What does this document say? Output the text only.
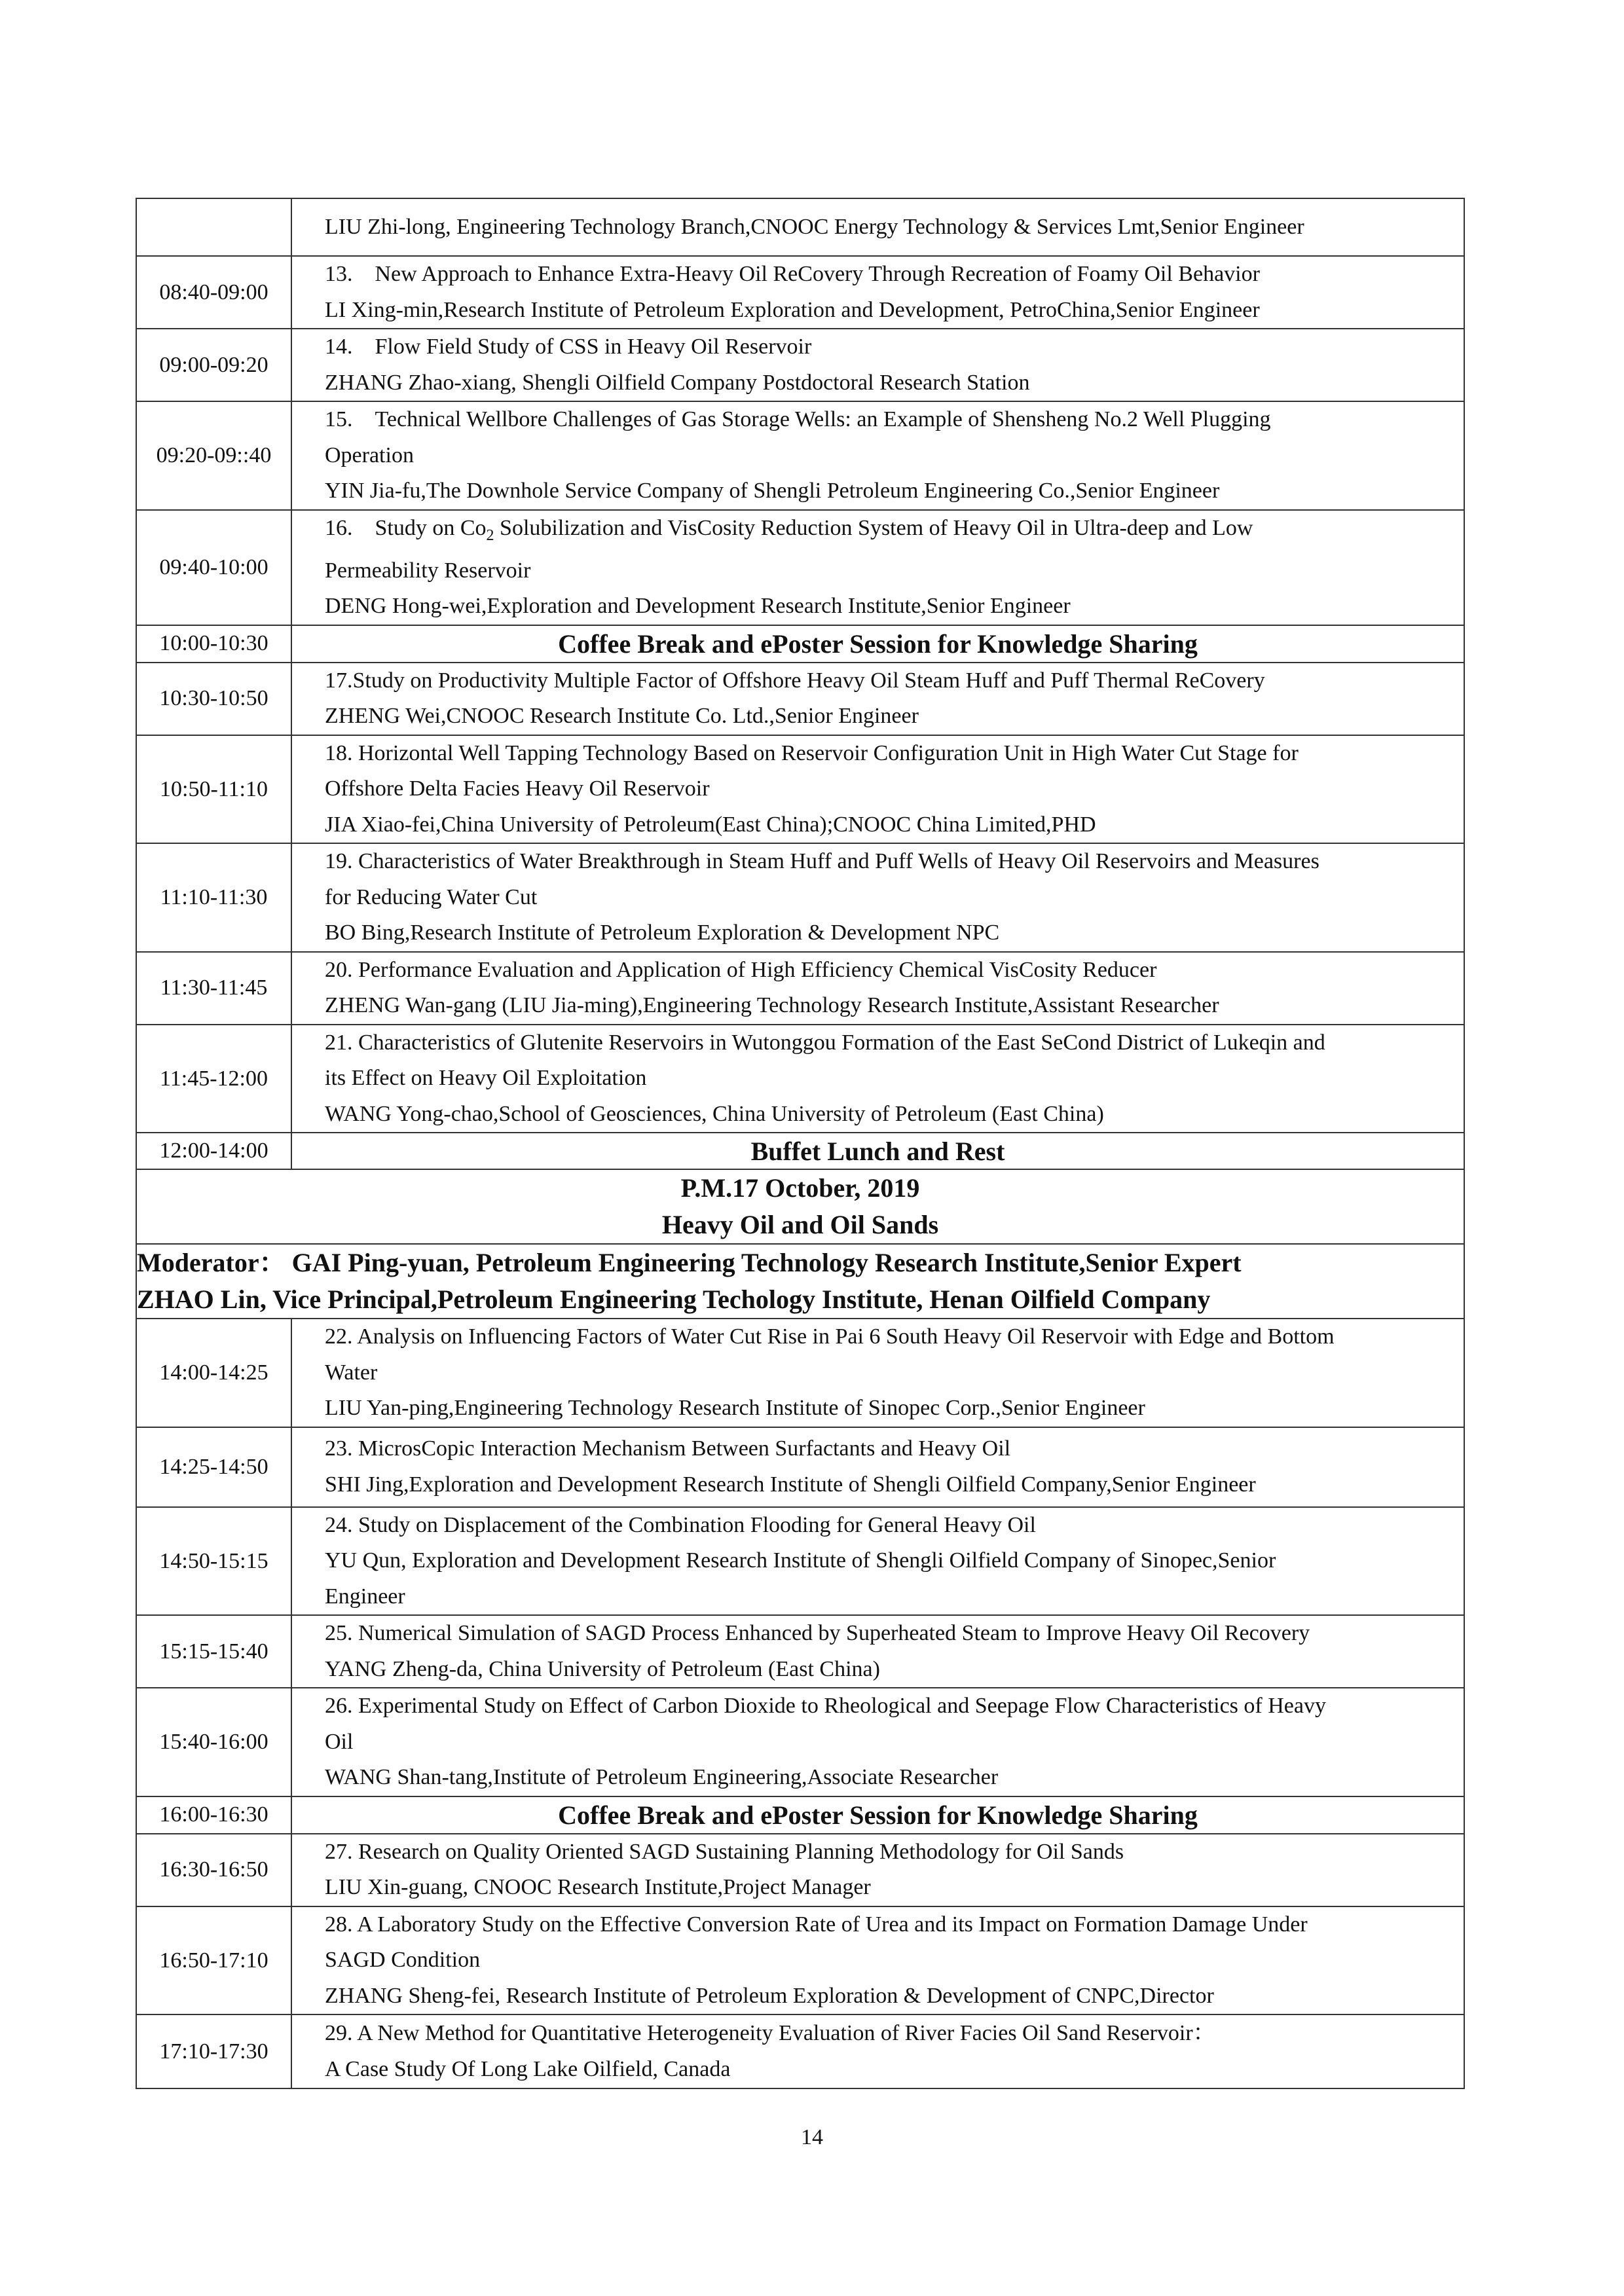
	LIU Zhi-long, Engineering Technology Branch,CNOOC Energy Technology & Services Lmt,Senior Engineer

08:40-09:00	13.    New Approach to Enhance Extra-Heavy Oil ReCovery Through Recreation of Foamy Oil Behavior
LI Xing-min,Research Institute of Petroleum Exploration and Development, PetroChina,Senior Engineer

09:00-09:20	14.    Flow Field Study of CSS in Heavy Oil Reservoir
ZHANG Zhao-xiang, Shengli Oilfield Company Postdoctoral Research Station

09:20-09::40	15.    Technical Wellbore Challenges of Gas Storage Wells: an Example of Shensheng No.2 Well Plugging
Operation
YIN Jia-fu,The Downhole Service Company of Shengli Petroleum Engineering Co.,Senior Engineer

09:40-10:00	16.    Study on $Co_2$ Solubilization and VisCosity Reduction System of Heavy Oil in Ultra-deep and Low
Permeability Reservoir
DENG Hong-wei,Exploration and Development Research Institute,Senior Engineer

10:00-10:30	Coffee Break and ePoster Session for Knowledge Sharing
10:30-10:50	17.Study on Productivity Multiple Factor of Offshore Heavy Oil Steam Huff and Puff Thermal ReCovery
ZHENG Wei,CNOOC Research Institute Co. Ltd.,Senior Engineer

10:50-11:10	18. Horizontal Well Tapping Technology Based on Reservoir Configuration Unit in High Water Cut Stage for
Offshore Delta Facies Heavy Oil Reservoir
JIA Xiao-fei,China University of Petroleum(East China);CNOOC China Limited,PHD

11:10-11:30	19. Characteristics of Water Breakthrough in Steam Huff and Puff Wells of Heavy Oil Reservoirs and Measures
for Reducing Water Cut
BO Bing,Research Institute of Petroleum Exploration & Development NPC

11:30-11:45	20. Performance Evaluation and Application of High Efficiency Chemical VisCosity Reducer
ZHENG Wan-gang (LIU Jia-ming),Engineering Technology Research Institute,Assistant Researcher

11:45-12:00	21. Characteristics of Glutenite Reservoirs in Wutonggou Formation of the East SeCond District of Lukeqin and
its Effect on Heavy Oil Exploitation
WANG Yong-chao,School of Geosciences, China University of Petroleum (East China)

12:00-14:00	Buffet Lunch and Rest

P.M.17 October, 2019
Heavy Oil and Oil Sands	

Moderator： GAI Ping-yuan, Petroleum Engineering Technology Research Institute,Senior Expert
ZHAO Lin, Vice Principal,Petroleum Engineering Techology Institute, Henan Oilfield Company	

14:00-14:25	22. Analysis on Influencing Factors of Water Cut Rise in Pai 6 South Heavy Oil Reservoir with Edge and Bottom
Water
LIU Yan-ping,Engineering Technology Research Institute of Sinopec Corp.,Senior Engineer

14:25-14:50	23. MicrosCopic Interaction Mechanism Between Surfactants and Heavy Oil
SHI Jing,Exploration and Development Research Institute of Shengli Oilfield Company,Senior Engineer

14:50-15:15	24. Study on Displacement of the Combination Flooding for General Heavy Oil
YU Qun, Exploration and Development Research Institute of Shengli Oilfield Company of Sinopec,Senior
Engineer

15:15-15:40	25. Numerical Simulation of SAGD Process Enhanced by Superheated Steam to Improve Heavy Oil Recovery
YANG Zheng-da, China University of Petroleum (East China)

15:40-16:00	26. Experimental Study on Effect of Carbon Dioxide to Rheological and Seepage Flow Characteristics of Heavy
Oil
WANG Shan-tang,Institute of Petroleum Engineering,Associate Researcher

16:00-16:30	Coffee Break and ePoster Session for Knowledge Sharing
16:30-16:50	27. Research on Quality Oriented SAGD Sustaining Planning Methodology for Oil Sands
LIU Xin-guang, CNOOC Research Institute,Project Manager

16:50-17:10	28. A Laboratory Study on the Effective Conversion Rate of Urea and its Impact on Formation Damage Under
SAGD Condition
ZHANG Sheng-fei, Research Institute of Petroleum Exploration & Development of CNPC,Director

17:10-17:30	29. A New Method for Quantitative Heterogeneity Evaluation of River Facies Oil Sand Reservoir：
A Case Study Of Long Lake Oilfield, Canada
14
